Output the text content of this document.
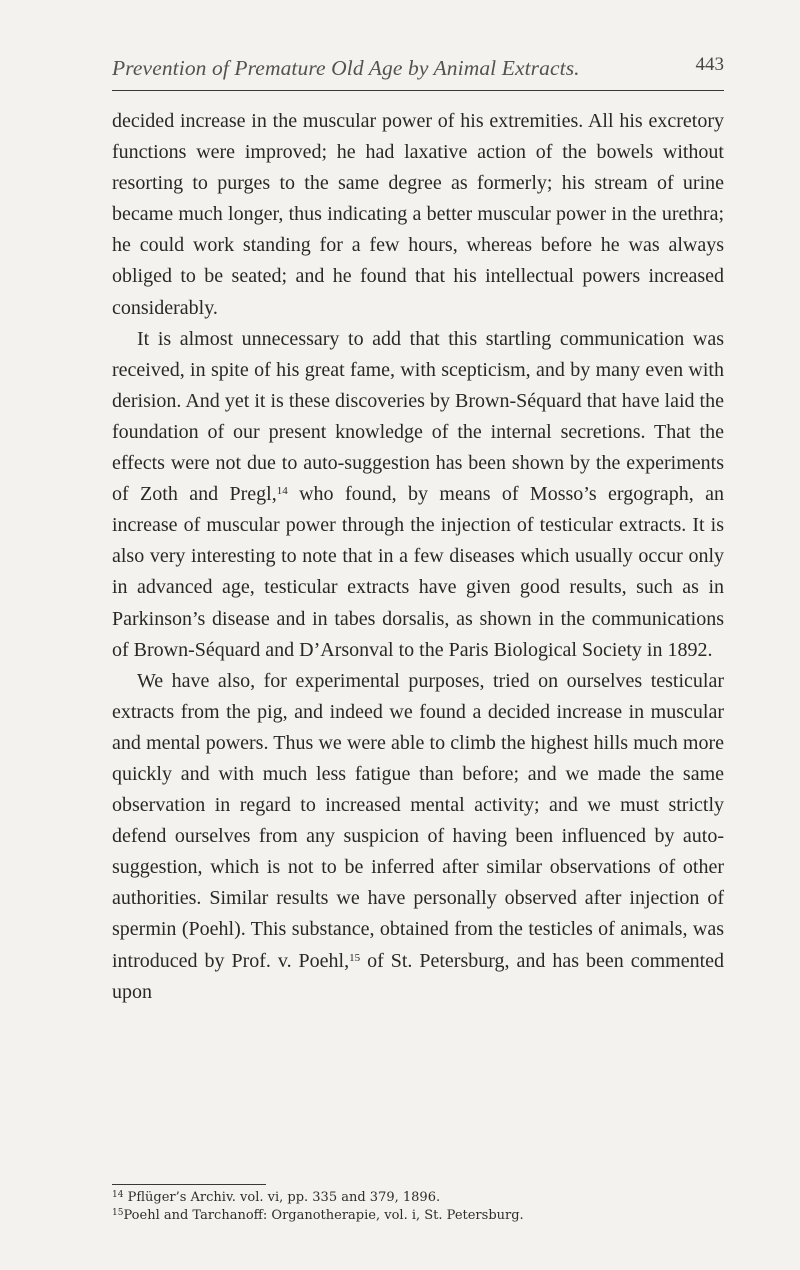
Prevention of Premature Old Age by Animal Extracts.	443

decided increase in the muscular power of his extremities. All his excretory functions were improved; he had laxative action of the bowels without resorting to purges to the same degree as formerly; his stream of urine became much longer, thus indicating a better muscular power in the urethra; he could work standing for a few hours, whereas before he was always obliged to be seated; and he found that his intellectual powers increased considerably.

It is almost unnecessary to add that this startling communication was received, in spite of his great fame, with scepticism, and by many even with derision. And yet it is these discoveries by Brown-Séquard that have laid the foundation of our present knowledge of the internal secretions. That the effects were not due to auto-suggestion has been shown by the experiments of Zoth and Pregl,$^{14}$ who found, by means of Mosso’s ergograph, an increase of muscular power through the injection of testicular extracts. It is also very interesting to note that in a few diseases which usually occur only in advanced age, testicular extracts have given good results, such as in Parkinson’s disease and in tabes dorsalis, as shown in the communications of Brown-Séquard and D’Arsonval to the Paris Biological Society in 1892.

We have also, for experimental purposes, tried on ourselves testicular extracts from the pig, and indeed we found a decided increase in muscular and mental powers. Thus we were able to climb the highest hills much more quickly and with much less fatigue than before; and we made the same observation in regard to increased mental activity; and we must strictly defend ourselves from any suspicion of having been influenced by auto-suggestion, which is not to be inferred after similar observations of other authorities. Similar results we have personally observed after injection of spermin (Poehl). This substance, obtained from the testicles of animals, was introduced by Prof. v. Poehl,$^{15}$ of St. Petersburg, and has been commented upon

$^{14}$ Pflüger’s Archiv. vol. vi, pp. 335 and 379, 1896.
$^{15}$Poehl and Tarchanoff: Organotherapie, vol. i, St. Petersburg.
